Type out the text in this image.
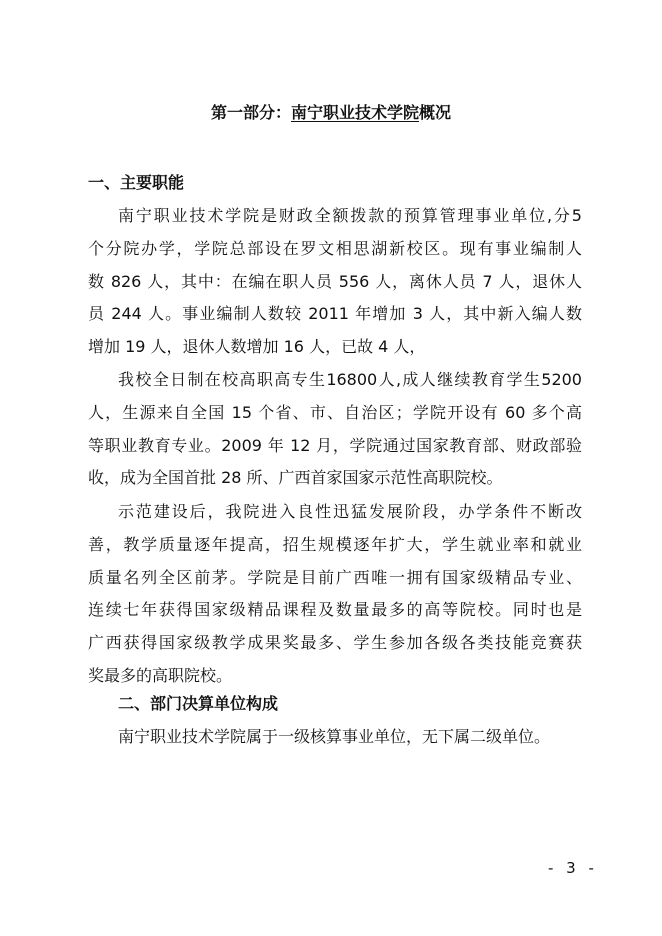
第一部分：南宁职业技术学院概况
一、主要职能
南宁职业技术学院是财政全额拨款的预算管理事业单位,分5
个分院办学，学院总部设在罗文相思湖新校区。现有事业编制人
数 826 人，其中：在编在职人员 556 人，离休人员 7 人，退休人
员 244 人。事业编制人数较 2011 年增加 3 人，其中新入编人数
增加 19 人，退休人数增加 16 人，已故 4 人，
我校全日制在校高职高专生16800人,成人继续教育学生5200
人，生源来自全国 15 个省、市、自治区；学院开设有 60 多个高
等职业教育专业。2009 年 12 月，学院通过国家教育部、财政部验
收，成为全国首批 28 所、广西首家国家示范性高职院校。
示范建设后，我院进入良性迅猛发展阶段，办学条件不断改
善，教学质量逐年提高，招生规模逐年扩大，学生就业率和就业
质量名列全区前茅。学院是目前广西唯一拥有国家级精品专业、
连续七年获得国家级精品课程及数量最多的高等院校。同时也是
广西获得国家级教学成果奖最多、学生参加各级各类技能竞赛获
奖最多的高职院校。
二、部门决算单位构成
南宁职业技术学院属于一级核算事业单位，无下属二级单位。
- 3 -
